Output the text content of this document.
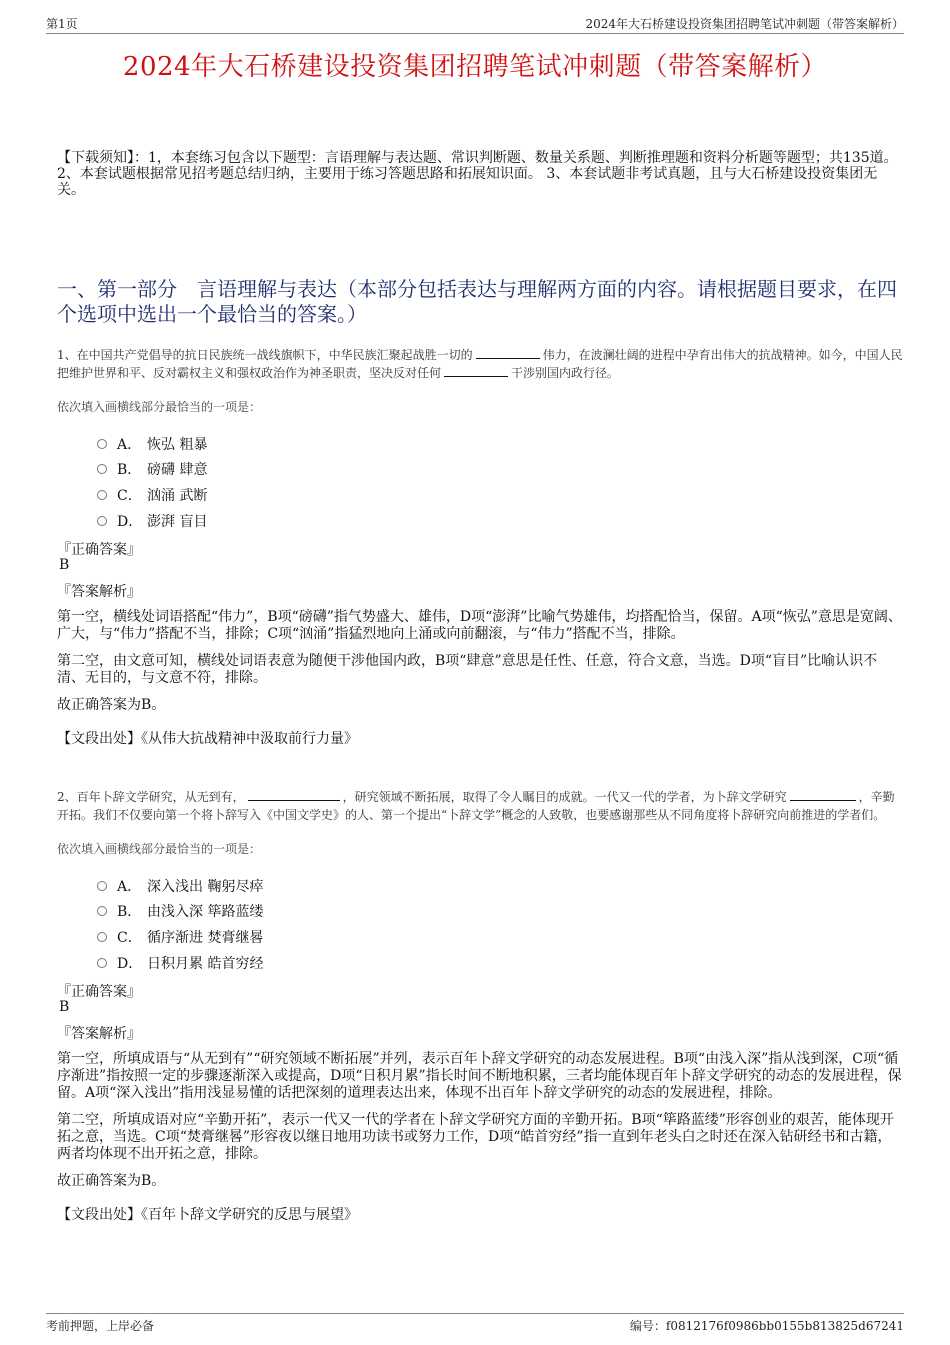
第1页	2024年大石桥建设投资集团招聘笔试冲刺题（带答案解析）
2024年大石桥建设投资集团招聘笔试冲刺题（带答案解析）
【下载须知】：1，本套练习包含以下题型：言语理解与表达题、常识判断题、数量关系题、判断推理题和资料分析题等题型；共135道。 2、本套试题根据常见招考题总结归纳，主要用于练习答题思路和拓展知识面。 3、本套试题非考试真题，且与大石桥建设投资集团无关。
一、第一部分　言语理解与表达（本部分包括表达与理解两方面的内容。请根据题目要求，在四个选项中选出一个最恰当的答案。）
1、在中国共产党倡导的抗日民族统一战线旗帜下，中华民族汇聚起战胜一切的	伟力，在波澜壮阔的进程中孕育出伟大的抗战精神。如今，中国人民把维护世界和平、反对霸权主义和强权政治作为神圣职责，坚决反对任何	干涉别国内政行径。
依次填入画横线部分最恰当的一项是：
A． 恢弘 粗暴
B． 磅礴 肆意
C． 汹涌 武断
D． 澎湃 盲目
『正确答案』
B
『答案解析』
第一空，横线处词语搭配“伟力”，B项“磅礴”指气势盛大、雄伟，D项“澎湃”比喻气势雄伟，均搭配恰当，保留。A项“恢弘”意思是宽阔、广大，与“伟力”搭配不当，排除；C项“汹涌”指猛烈地向上涌或向前翻滚，与“伟力”搭配不当，排除。
第二空，由文意可知，横线处词语表意为随便干涉他国内政，B项“肆意”意思是任性、任意，符合文意，当选。D项“盲目”比喻认识不清、无目的，与文意不符，排除。
故正确答案为B。
【文段出处】《从伟大抗战精神中汲取前行力量》
2、百年卜辞文学研究，从无到有，	，研究领域不断拓展，取得了令人瞩目的成就。一代又一代的学者，为卜辞文学研究	，辛勤开拓。我们不仅要向第一个将卜辞写入《中国文学史》的人、第一个提出“卜辞文学”概念的人致敬，也要感谢那些从不同角度将卜辞研究向前推进的学者们。
依次填入画横线部分最恰当的一项是：
A． 深入浅出 鞠躬尽瘁
B． 由浅入深 筚路蓝缕
C． 循序渐进 焚膏继晷
D． 日积月累 皓首穷经
『正确答案』
B
『答案解析』
第一空，所填成语与“从无到有”“研究领域不断拓展”并列，表示百年卜辞文学研究的动态发展进程。B项“由浅入深”指从浅到深，C项“循序渐进”指按照一定的步骤逐渐深入或提高，D项“日积月累”指长时间不断地积累，三者均能体现百年卜辞文学研究的动态的发展进程，保留。A项“深入浅出”指用浅显易懂的话把深刻的道理表达出来，体现不出百年卜辞文学研究的动态的发展进程，排除。
第二空，所填成语对应“辛勤开拓”，表示一代又一代的学者在卜辞文学研究方面的辛勤开拓。B项“筚路蓝缕”形容创业的艰苦，能体现开拓之意，当选。C项“焚膏继晷”形容夜以继日地用功读书或努力工作，D项“皓首穷经”指一直到年老头白之时还在深入钻研经书和古籍，两者均体现不出开拓之意，排除。
故正确答案为B。
【文段出处】《百年卜辞文学研究的反思与展望》
考前押题，上岸必备	编号：f0812176f0986bb0155b813825d67241
